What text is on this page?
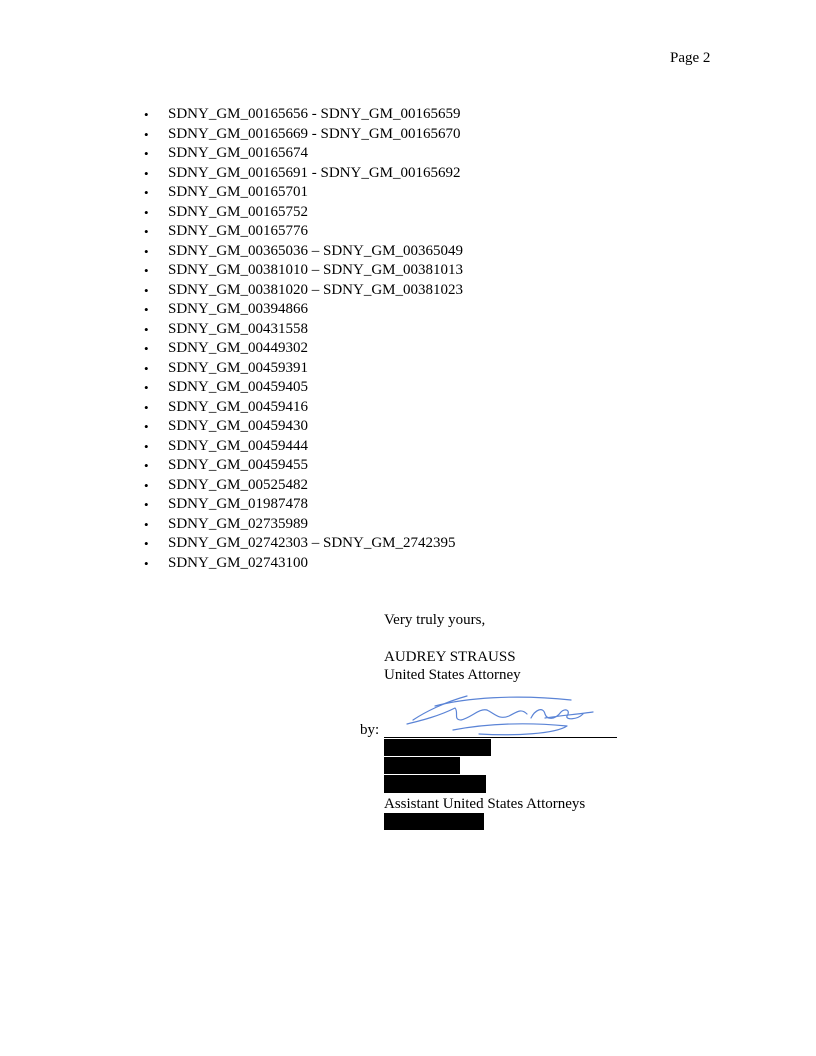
Page 2
• SDNY_GM_00165656 - SDNY_GM_00165659
• SDNY_GM_00165669 - SDNY_GM_00165670
• SDNY_GM_00165674
• SDNY_GM_00165691 - SDNY_GM_00165692
• SDNY_GM_00165701
• SDNY_GM_00165752
• SDNY_GM_00165776
• SDNY_GM_00365036 – SDNY_GM_00365049
• SDNY_GM_00381010 – SDNY_GM_00381013
• SDNY_GM_00381020 – SDNY_GM_00381023
• SDNY_GM_00394866
• SDNY_GM_00431558
• SDNY_GM_00449302
• SDNY_GM_00459391
• SDNY_GM_00459405
• SDNY_GM_00459416
• SDNY_GM_00459430
• SDNY_GM_00459444
• SDNY_GM_00459455
• SDNY_GM_00525482
• SDNY_GM_01987478
• SDNY_GM_02735989
• SDNY_GM_02742303 – SDNY_GM_2742395
• SDNY_GM_02743100
Very truly yours,
AUDREY STRAUSS
United States Attorney
by:
Assistant United States Attorneys
